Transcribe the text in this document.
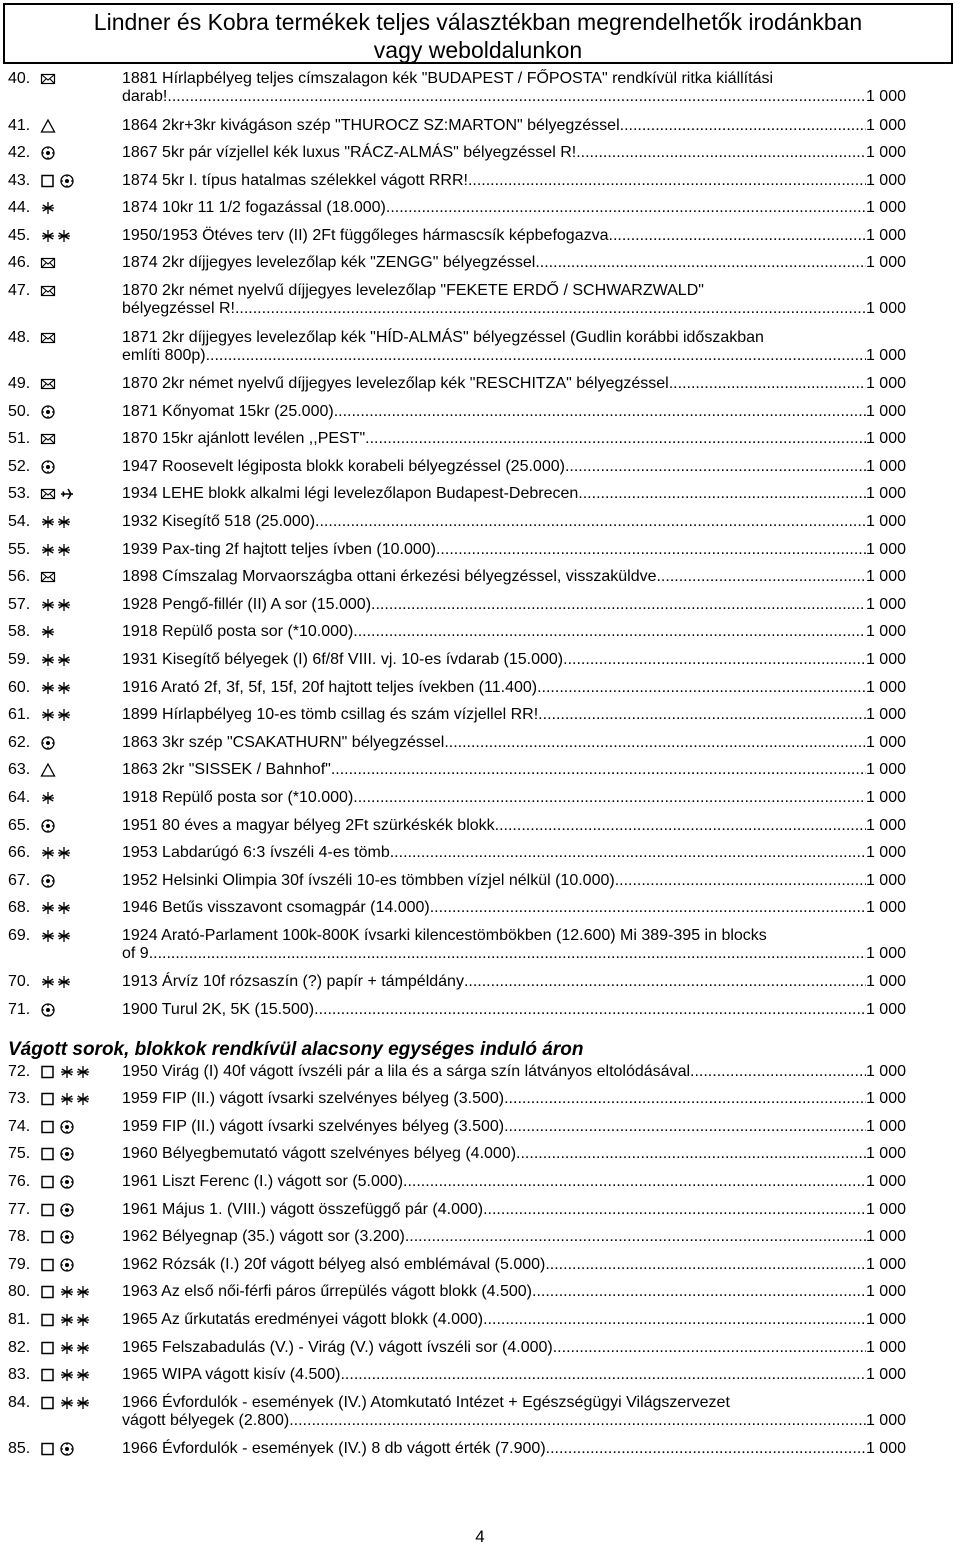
Lindner és Kobra termékek teljes választékban megrendelhetők irodánkban
vagy weboldalunkon
40.	1881 Hírlapbélyeg teljes címszalagon kék "BUDAPEST / FŐPOSTA" rendkívül ritka kiállítási
darab!. .....	1 000
41.	1864 2kr+3kr kivágáson szép "THUROCZ SZ:MARTON" bélyegzéssel .....	1 000
42.	1867 5kr pár vízjellel kék luxus "RÁCZ-ALMÁS" bélyegzéssel R!. .....	1 000
43.	1874 5kr I. típus hatalmas szélekkel vágott RRR!. .....	1 000
44.	1874 10kr 11 1/2 fogazással (18.000) .....	1 000
45.	1950/1953 Ötéves terv (II) 2Ft függőleges hármascsík képbefogazva .....	1 000
46.	1874 2kr díjjegyes levelezőlap kék "ZENGG" bélyegzéssel .....	1 000
47.	1870 2kr német nyelvű díjjegyes levelezőlap "FEKETE ERDŐ / SCHWARZWALD"
bélyegzéssel R!. .....	1 000
48.	1871 2kr díjjegyes levelezőlap kék "HÍD-ALMÁS" bélyegzéssel (Gudlin korábbi időszakban
említi 800p) .....	1 000
49.	1870 2kr német nyelvű díjjegyes levelezőlap kék "RESCHITZA" bélyegzéssel .....	1 000
50.	1871 Kőnyomat 15kr (25.000) .....	1 000
51.	1870 15kr ajánlott levélen ,,PEST" .....	1 000
52.	1947 Roosevelt légiposta blokk korabeli bélyegzéssel (25.000) .....	1 000
53.	1934 LEHE blokk alkalmi légi levelezőlapon Budapest-Debrecen .....	1 000
54.	1932 Kisegítő 518 (25.000) .....	1 000
55.	1939 Pax-ting 2f hajtott teljes ívben (10.000) .....	1 000
56.	1898 Címszalag Morvaországba ottani érkezési bélyegzéssel, visszaküldve .....	1 000
57.	1928 Pengő-fillér (II) A sor (15.000) .....	1 000
58.	1918 Repülő posta sor (*10.000) .....	1 000
59.	1931 Kisegítő bélyegek (I) 6f/8f VIII. vj. 10-es ívdarab (15.000) .....	1 000
60.	1916 Arató 2f, 3f, 5f, 15f, 20f hajtott teljes ívekben (11.400) .....	1 000
61.	1899 Hírlapbélyeg 10-es tömb csillag és szám vízjellel RR!. .....	1 000
62.	1863 3kr szép "CSAKATHURN" bélyegzéssel .....	1 000
63.	1863 2kr "SISSEK / Bahnhof" .....	1 000
64.	1918 Repülő posta sor (*10.000) .....	1 000
65.	1951 80 éves a magyar bélyeg 2Ft szürkéskék blokk .....	1 000
66.	1953 Labdarúgó 6:3 ívszéli 4-es tömb .....	1 000
67.	1952 Helsinki Olimpia 30f ívszéli 10-es tömbben vízjel nélkül (10.000) .....	1 000
68.	1946 Betűs visszavont csomagpár (14.000) .....	1 000
69.	1924 Arató-Parlament 100k-800K ívsarki kilencestömbökben (12.600) Mi 389-395 in blocks
of 9 .....	1 000
70.	1913 Árvíz 10f rózsaszín (?) papír + támpéldány .....	1 000
71.	1900 Turul 2K, 5K (15.500) .....	1 000
Vágott sorok, blokkok rendkívül alacsony egységes induló áron
72.	1950 Virág (I) 40f vágott ívszéli pár a lila és a sárga szín látványos eltolódásával .....	1 000
73.	1959 FIP (II.) vágott ívsarki szelvényes bélyeg (3.500) .....	1 000
74.	1959 FIP (II.) vágott ívsarki szelvényes bélyeg (3.500) .....	1 000
75.	1960 Bélyegbemutató vágott szelvényes bélyeg (4.000) .....	1 000
76.	1961 Liszt Ferenc (I.) vágott sor (5.000) .....	1 000
77.	1961 Május 1. (VIII.) vágott összefüggő pár (4.000) .....	1 000
78.	1962 Bélyegnap (35.) vágott sor (3.200) .....	1 000
79.	1962 Rózsák (I.) 20f vágott bélyeg alsó emblémával (5.000) .....	1 000
80.	1963 Az első női-férfi páros űrrepülés vágott blokk (4.500) .....	1 000
81.	1965 Az űrkutatás eredményei vágott blokk (4.000) .....	1 000
82.	1965 Felszabadulás (V.) - Virág (V.) vágott ívszéli sor (4.000) .....	1 000
83.	1965 WIPA vágott kisív (4.500) .....	1 000
84.	1966 Évfordulók - események (IV.) Atomkutató Intézet + Egészségügyi Világszervezet
vágott bélyegek (2.800) .....	1 000
85.	1966 Évfordulók - események (IV.) 8 db vágott érték (7.900) .....	1 000
4
